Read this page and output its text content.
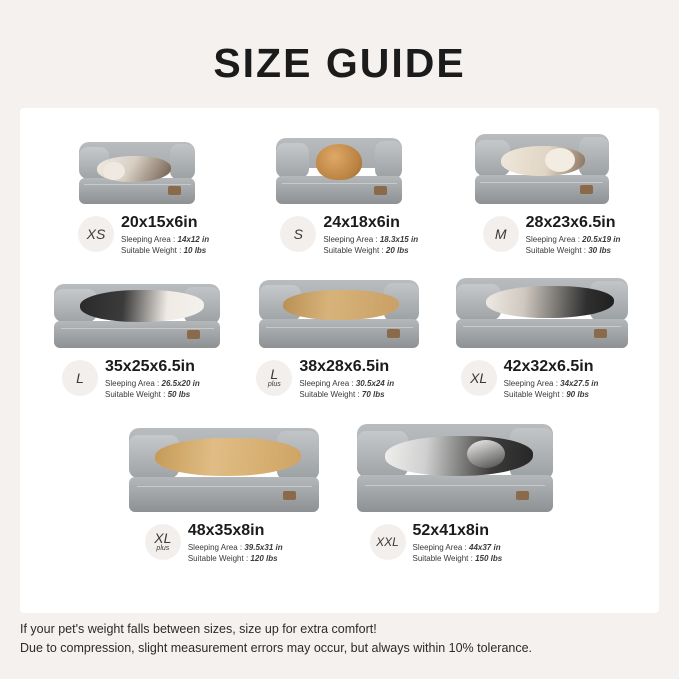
SIZE GUIDE
XS
20x15x6in
Sleeping Area : 14x12 in
Suitable Weight : 10 lbs
S
24x18x6in
Sleeping Area : 18.3x15 in
Suitable Weight : 20 lbs
M
28x23x6.5in
Sleeping Area : 20.5x19 in
Suitable Weight : 30 lbs
L
35x25x6.5in
Sleeping Area : 26.5x20 in
Suitable Weight : 50 lbs
L
plus
38x28x6.5in
Sleeping Area : 30.5x24 in
Suitable Weight : 70 lbs
XL
42x32x6.5in
Sleeping Area : 34x27.5 in
Suitable Weight : 90 lbs
XL
plus
48x35x8in
Sleeping Area : 39.5x31 in
Suitable Weight : 120 lbs
XXL
52x41x8in
Sleeping Area : 44x37 in
Suitable Weight : 150 lbs
If your pet's weight falls between sizes, size up for extra comfort!
Due to compression, slight measurement errors may occur, but always within 10% tolerance.
